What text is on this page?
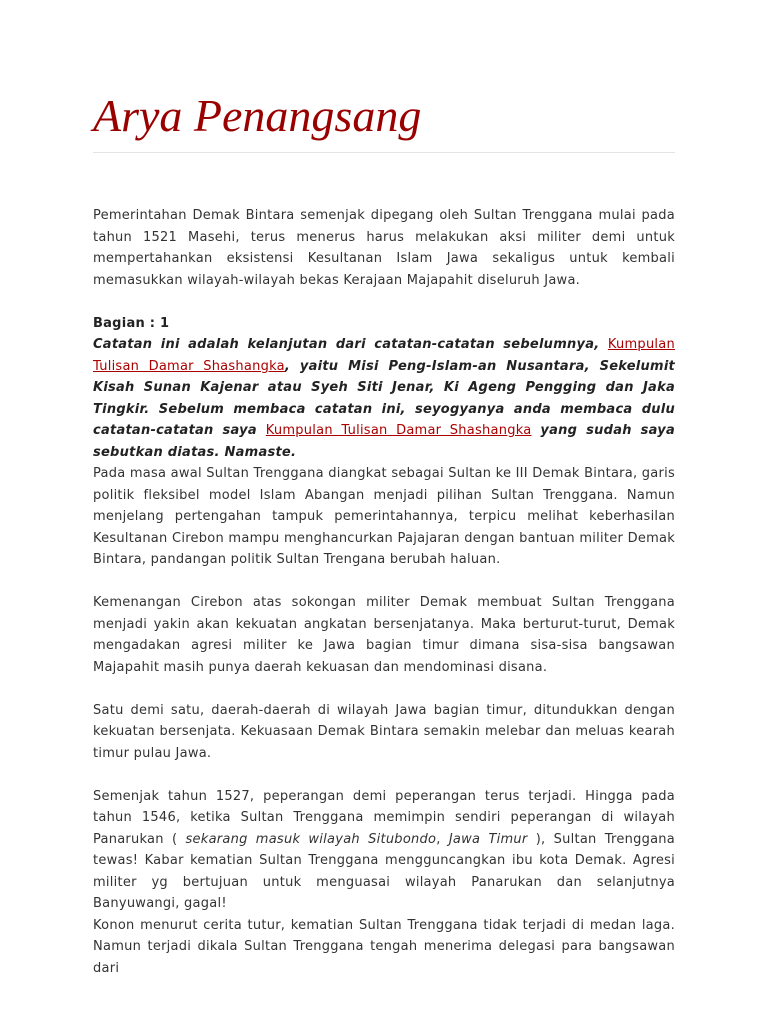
Arya Penangsang

Pemerintahan Demak Bintara semenjak dipegang oleh Sultan Trenggana mulai pada tahun 1521 Masehi, terus menerus harus melakukan aksi militer demi untuk mempertahankan eksistensi Kesultanan Islam Jawa sekaligus untuk kembali memasukkan wilayah-wilayah bekas Kerajaan Majapahit diseluruh Jawa.

Bagian : 1

Catatan ini adalah kelanjutan dari catatan-catatan sebelumnya, Kumpulan Tulisan Damar Shashangka, yaitu Misi Peng-Islam-an Nusantara, Sekelumit Kisah Sunan Kajenar atau Syeh Siti Jenar, Ki Ageng Pengging dan Jaka Tingkir. Sebelum membaca catatan ini, seyogyanya anda membaca dulu catatan-catatan saya Kumpulan Tulisan Damar Shashangka yang sudah saya sebutkan diatas. Namaste.

Pada masa awal Sultan Trenggana diangkat sebagai Sultan ke III Demak Bintara, garis politik fleksibel model Islam Abangan menjadi pilihan Sultan Trenggana. Namun menjelang pertengahan tampuk pemerintahannya, terpicu melihat keberhasilan Kesultanan Cirebon mampu menghancurkan Pajajaran dengan bantuan militer Demak Bintara, pandangan politik Sultan Trengana berubah haluan.

Kemenangan Cirebon atas sokongan militer Demak membuat Sultan Trenggana menjadi yakin akan kekuatan angkatan bersenjatanya. Maka berturut-turut, Demak mengadakan agresi militer ke Jawa bagian timur dimana sisa-sisa bangsawan Majapahit masih punya daerah kekuasan dan mendominasi disana.

Satu demi satu, daerah-daerah di wilayah Jawa bagian timur, ditundukkan dengan kekuatan bersenjata. Kekuasaan Demak Bintara semakin melebar dan meluas kearah timur pulau Jawa.

Semenjak tahun 1527, peperangan demi peperangan terus terjadi. Hingga pada tahun 1546, ketika Sultan Trenggana memimpin sendiri peperangan di wilayah Panarukan ( sekarang masuk wilayah Situbondo, Jawa Timur ), Sultan Trenggana tewas! Kabar kematian Sultan Trenggana mengguncangkan ibu kota Demak. Agresi militer yg bertujuan untuk menguasai wilayah Panarukan dan selanjutnya Banyuwangi, gagal!

Konon menurut cerita tutur, kematian Sultan Trenggana tidak terjadi di medan laga. Namun terjadi dikala Sultan Trenggana tengah menerima delegasi para bangsawan dari
